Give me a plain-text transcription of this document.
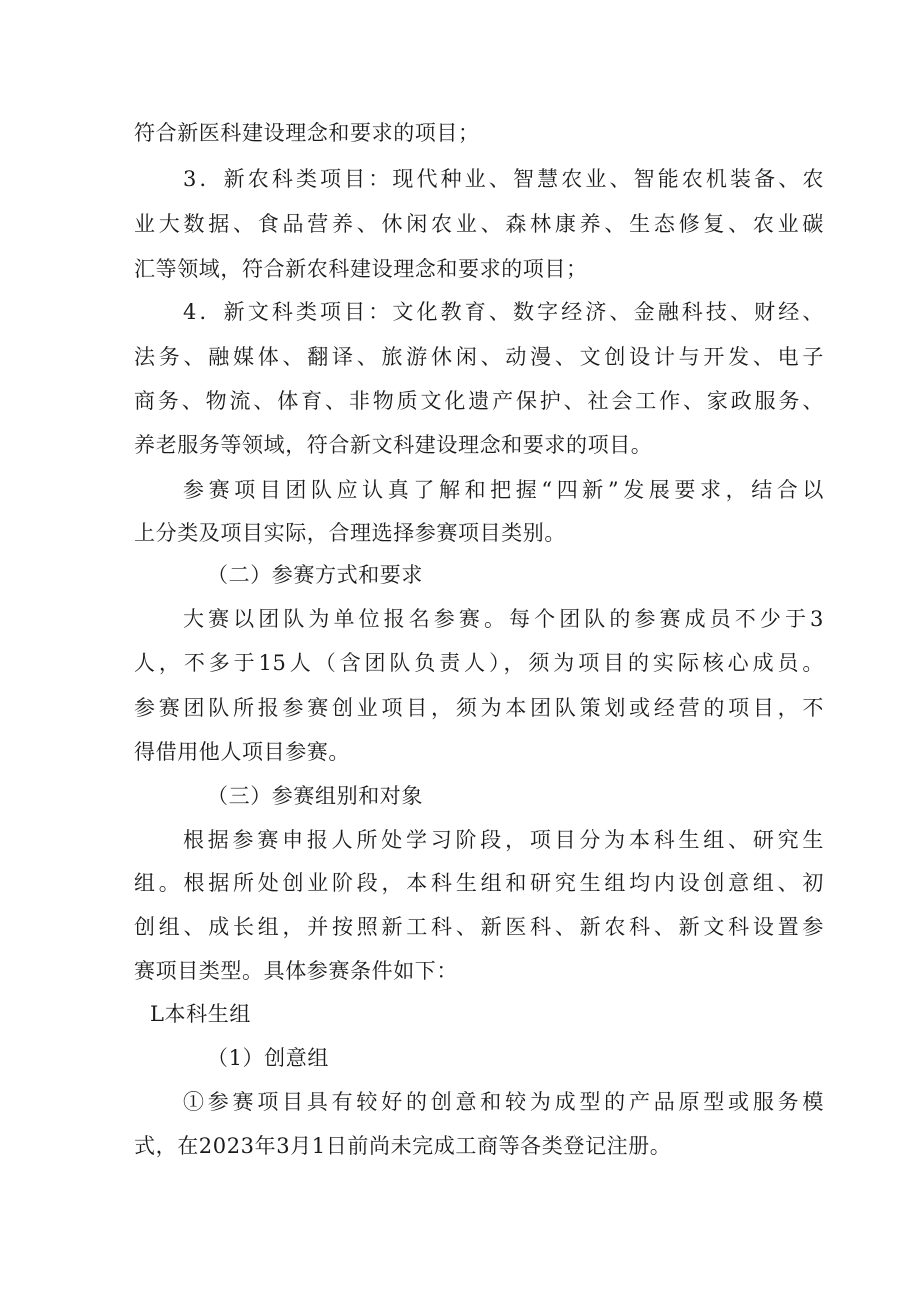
符合新医科建设理念和要求的项目；
3．新农科类项目：现代种业、智慧农业、智能农机装备、农
业大数据、食品营养、休闲农业、森林康养、生态修复、农业碳
汇等领域，符合新农科建设理念和要求的项目；
4．新文科类项目：文化教育、数字经济、金融科技、财经、
法务、融媒体、翻译、旅游休闲、动漫、文创设计与开发、电子
商务、物流、体育、非物质文化遗产保护、社会工作、家政服务、
养老服务等领域，符合新文科建设理念和要求的项目。
参赛项目团队应认真了解和把握“四新”发展要求，结合以
上分类及项目实际，合理选择参赛项目类别。
（二）参赛方式和要求
大赛以团队为单位报名参赛。每个团队的参赛成员不少于3
人，不多于15人（含团队负责人），须为项目的实际核心成员。
参赛团队所报参赛创业项目，须为本团队策划或经营的项目，不
得借用他人项目参赛。
（三）参赛组别和对象
根据参赛申报人所处学习阶段，项目分为本科生组、研究生
组。根据所处创业阶段，本科生组和研究生组均内设创意组、初
创组、成长组，并按照新工科、新医科、新农科、新文科设置参
赛项目类型。具体参赛条件如下：
L本科生组
（1）创意组
①参赛项目具有较好的创意和较为成型的产品原型或服务模
式，在2023年3月1日前尚未完成工商等各类登记注册。
